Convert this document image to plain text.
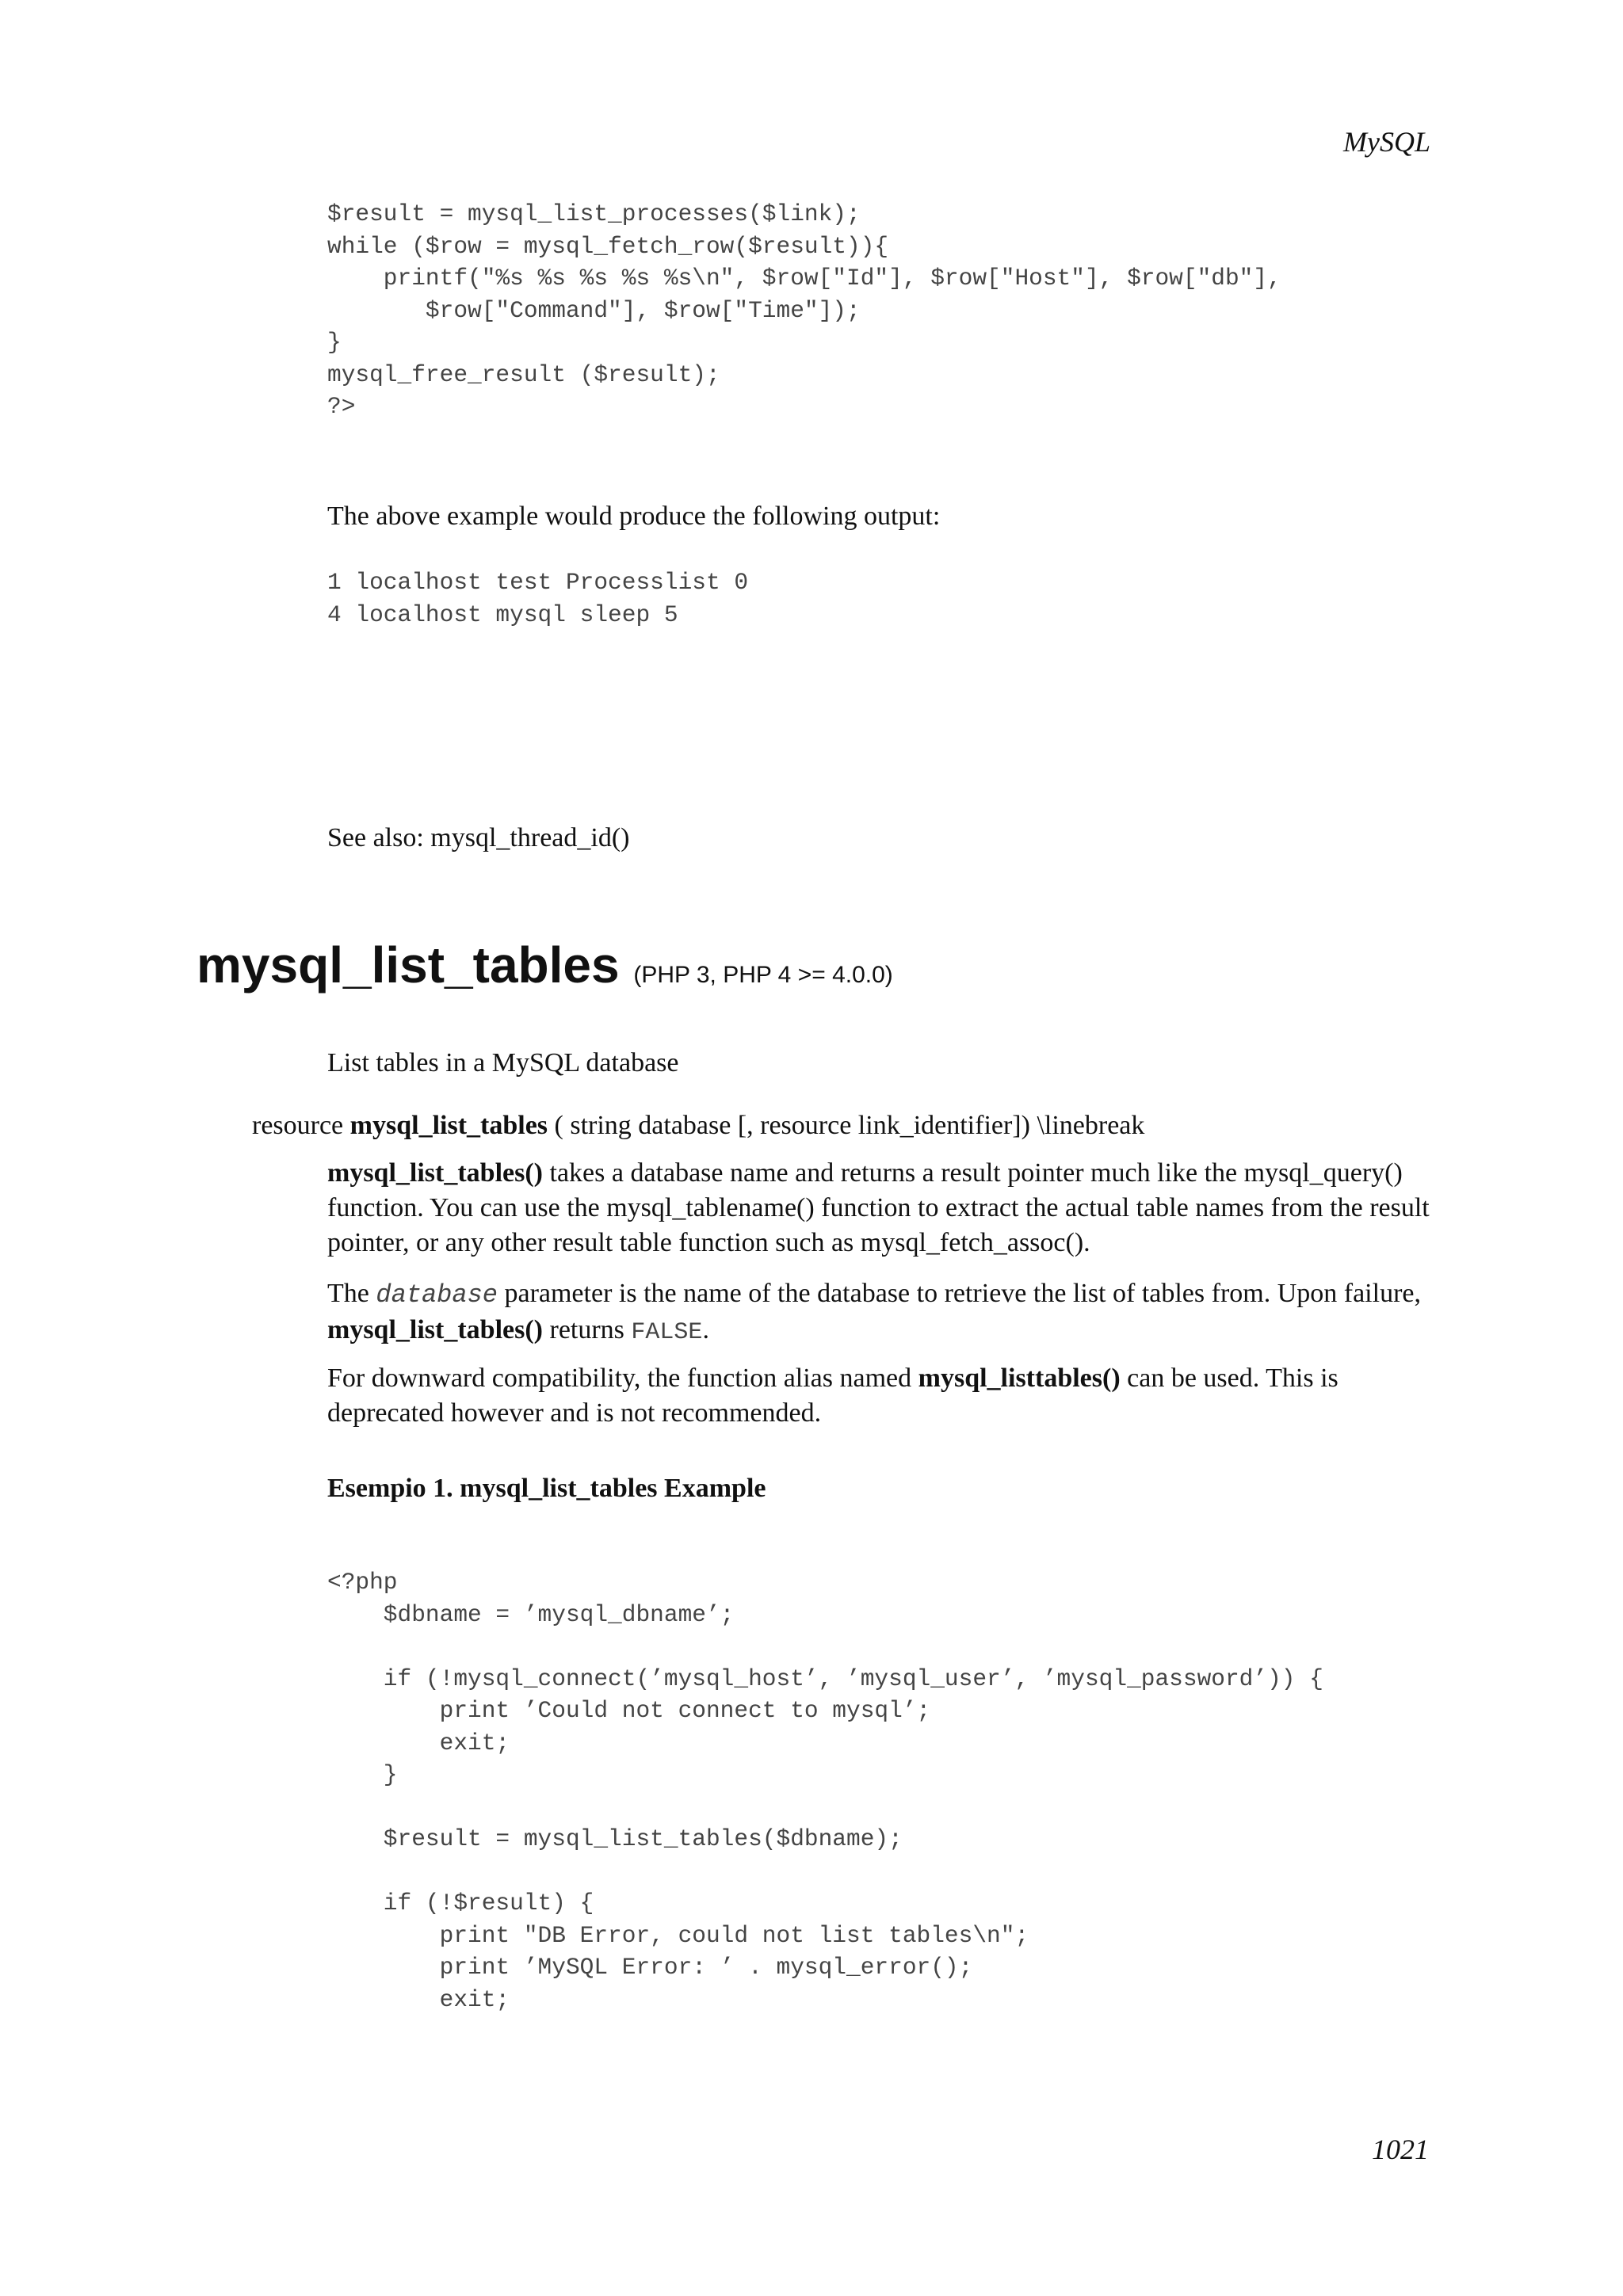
MySQL

$result = mysql_list_processes($link);
while ($row = mysql_fetch_row($result)){
printf("%s %s %s %s %s\n", $row["Id"], $row["Host"], $row["db"],
$row["Command"], $row["Time"]);
}
mysql_free_result ($result);
?>

The above example would produce the following output:

1 localhost test Processlist 0
4 localhost mysql sleep 5

See also: mysql_thread_id()

mysql_list_tables (PHP 3, PHP 4 >= 4.0.0)

List tables in a MySQL database

resource mysql_list_tables ( string database [, resource link_identifier]) \linebreak

mysql_list_tables() takes a database name and returns a result pointer much like the mysql_query() function. You can use the mysql_tablename() function to extract the actual table names from the result pointer, or any other result table function such as mysql_fetch_assoc().

The database parameter is the name of the database to retrieve the list of tables from. Upon failure, mysql_list_tables() returns FALSE.

For downward compatibility, the function alias named mysql_listtables() can be used. This is deprecated however and is not recommended.

Esempio 1. mysql_list_tables Example

<?php
$dbname = ’mysql_dbname’;

if (!mysql_connect(’mysql_host’, ’mysql_user’, ’mysql_password’)) {
print ’Could not connect to mysql’;
exit;
}

$result = mysql_list_tables($dbname);

if (!$result) {
print "DB Error, could not list tables\n";
print ’MySQL Error: ’ . mysql_error();
exit;

1021
